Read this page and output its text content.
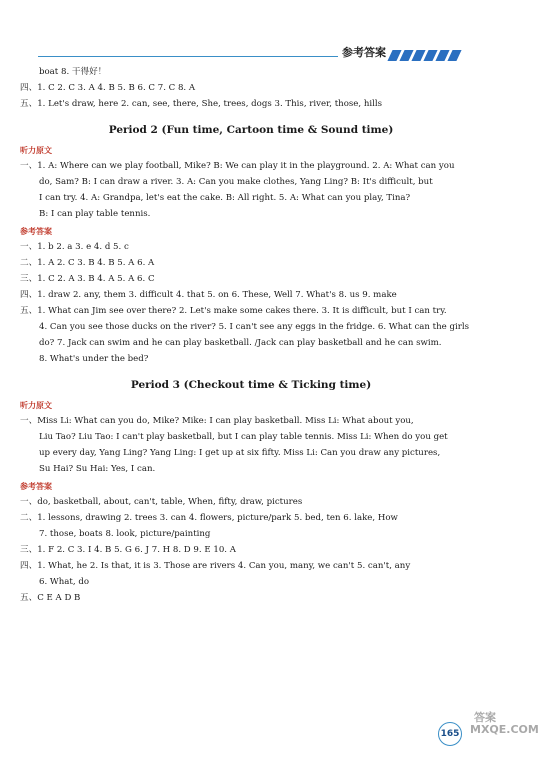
参考答案
boat 8. 干得好！
四、1. C 2. C 3. A 4. B 5. B 6. C 7. C 8. A
五、1. Let's draw, here 2. can, see, there, She, trees, dogs 3. This, river, those, hills
Period 2 (Fun time, Cartoon time & Sound time)
听力原文
一、1. A: Where can we play football, Mike? B: We can play it in the playground. 2. A: What can you
do, Sam? B: I can draw a river. 3. A: Can you make clothes, Yang Ling? B: It's difficult, but
I can try. 4. A: Grandpa, let's eat the cake. B: All right. 5. A: What can you play, Tina?
B: I can play table tennis.
参考答案
一、1. b 2. a 3. e 4. d 5. c
二、1. A 2. C 3. B 4. B 5. A 6. A
三、1. C 2. A 3. B 4. A 5. A 6. C
四、1. draw 2. any, them 3. difficult 4. that 5. on 6. These, Well 7. What's 8. us 9. make
五、1. What can Jim see over there? 2. Let's make some cakes there. 3. It is difficult, but I can try.
4. Can you see those ducks on the river? 5. I can't see any eggs in the fridge. 6. What can the girls
do? 7. Jack can swim and he can play basketball. /Jack can play basketball and he can swim.
8. What's under the bed?
Period 3 (Checkout time & Ticking time)
听力原文
一、Miss Li: What can you do, Mike? Mike: I can play basketball. Miss Li: What about you,
Liu Tao? Liu Tao: I can't play basketball, but I can play table tennis. Miss Li: When do you get
up every day, Yang Ling? Yang Ling: I get up at six fifty. Miss Li: Can you draw any pictures,
Su Hai? Su Hai: Yes, I can.
参考答案
一、do, basketball, about, can't, table, When, fifty, draw, pictures
二、1. lessons, drawing 2. trees 3. can 4. flowers, picture/park 5. bed, ten 6. lake, How
7. those, boats 8. look, picture/painting
三、1. F 2. C 3. I 4. B 5. G 6. J 7. H 8. D 9. E 10. A
四、1. What, he 2. Is that, it is 3. Those are rivers 4. Can you, many, we can't 5. can't, any
6. What, do
五、C E A D B
165
答案 MXQE.COM
